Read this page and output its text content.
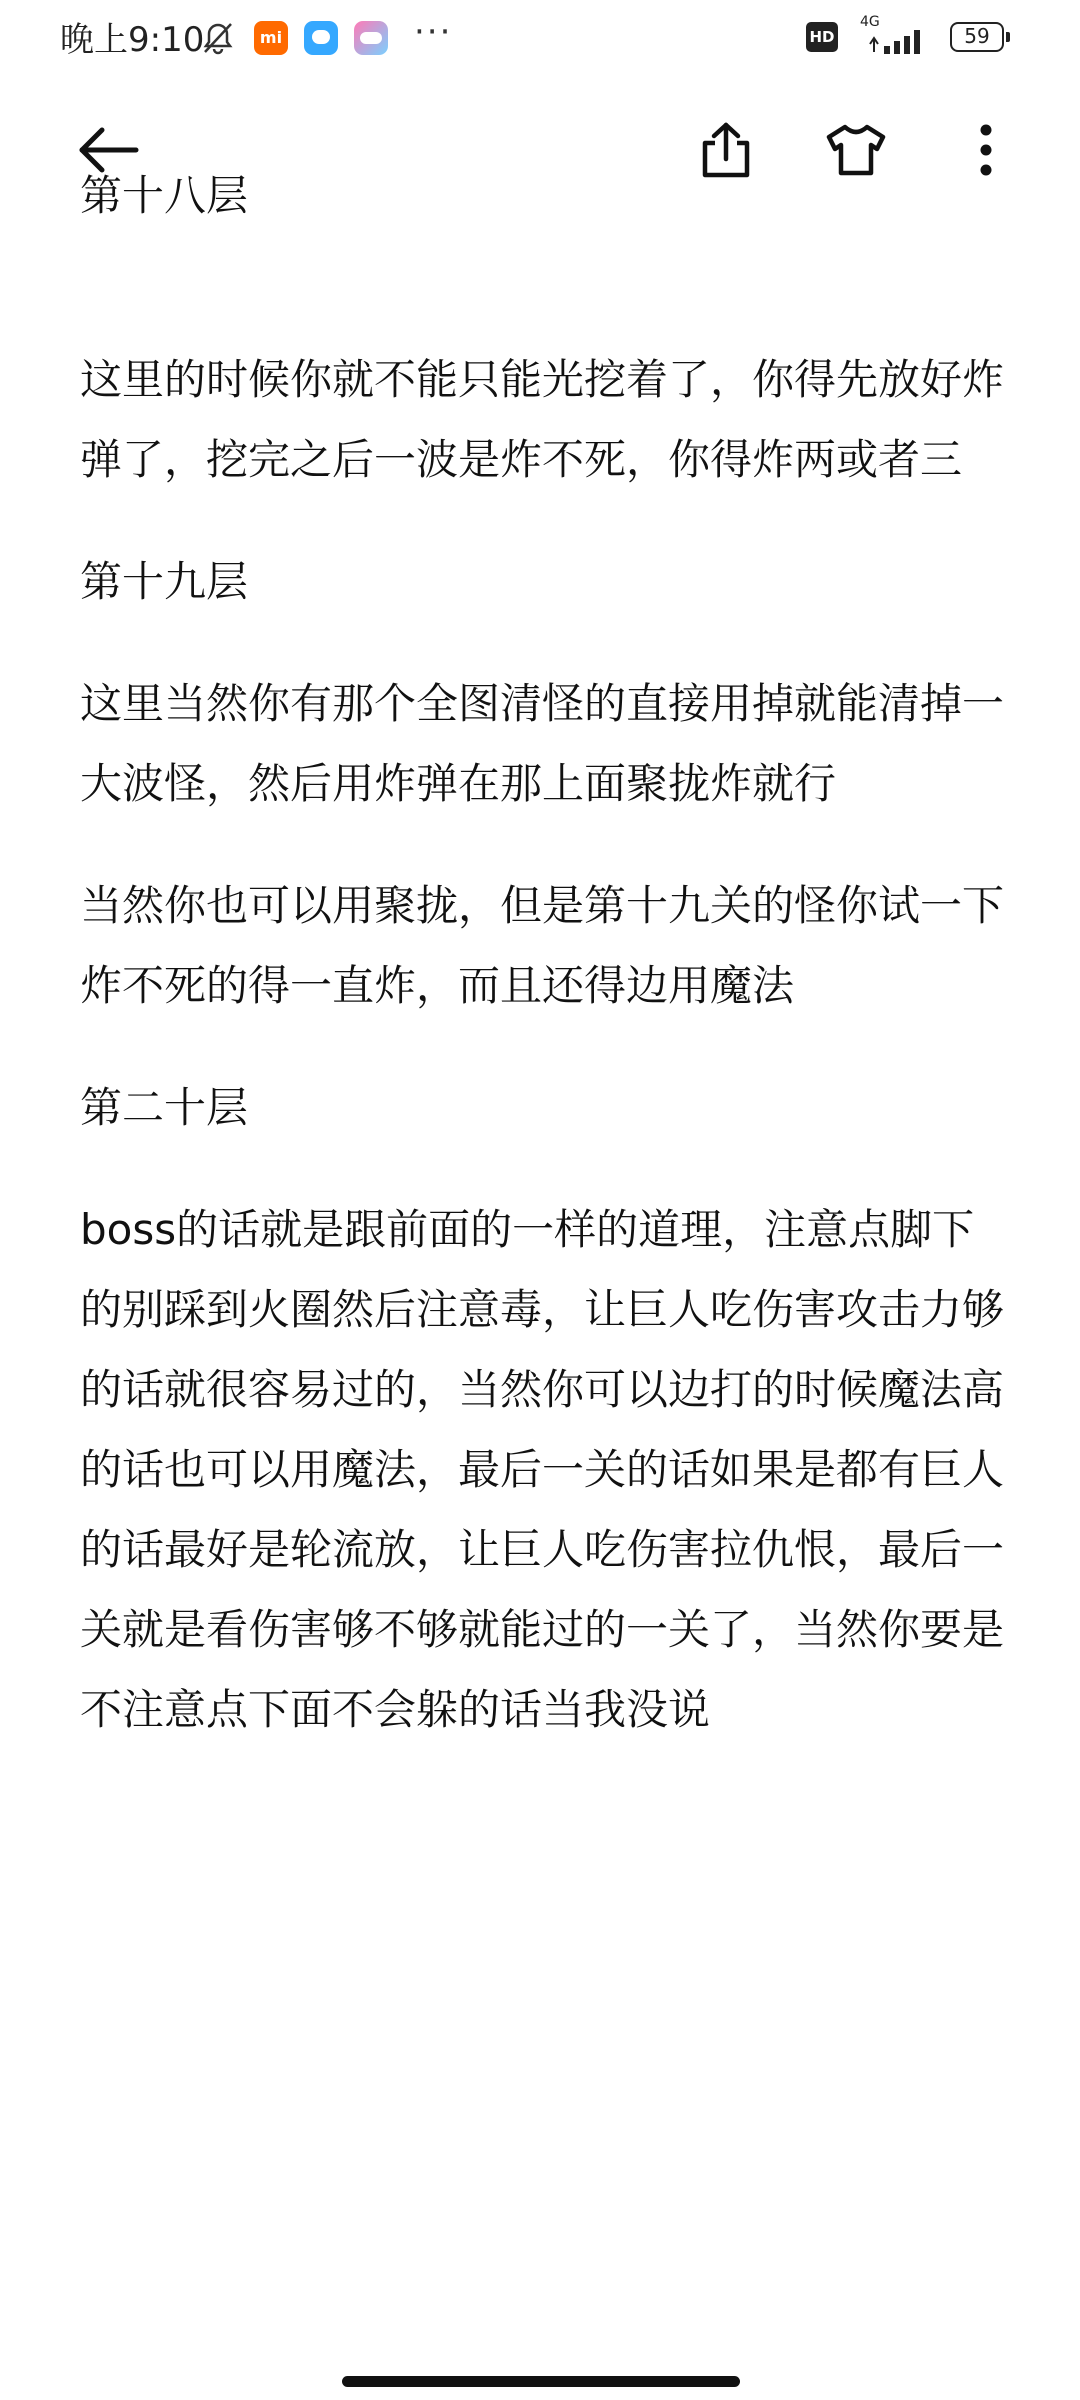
晚上9:10	mi	···	HD
4G
59
第十八层

这里的时候你就不能只能光挖着了，你得先放好炸弹了，挖完之后一波是炸不死，你得炸两或者三

第十九层

这里当然你有那个全图清怪的直接用掉就能清掉一大波怪，然后用炸弹在那上面聚拢炸就行

当然你也可以用聚拢，但是第十九关的怪你试一下炸不死的得一直炸，而且还得边用魔法

第二十层

boss的话就是跟前面的一样的道理，注意点脚下的别踩到火圈然后注意毒，让巨人吃伤害攻击力够的话就很容易过的，当然你可以边打的时候魔法高的话也可以用魔法，最后一关的话如果是都有巨人的话最好是轮流放，让巨人吃伤害拉仇恨，最后一关就是看伤害够不够就能过的一关了，当然你要是不注意点下面不会躲的话当我没说
